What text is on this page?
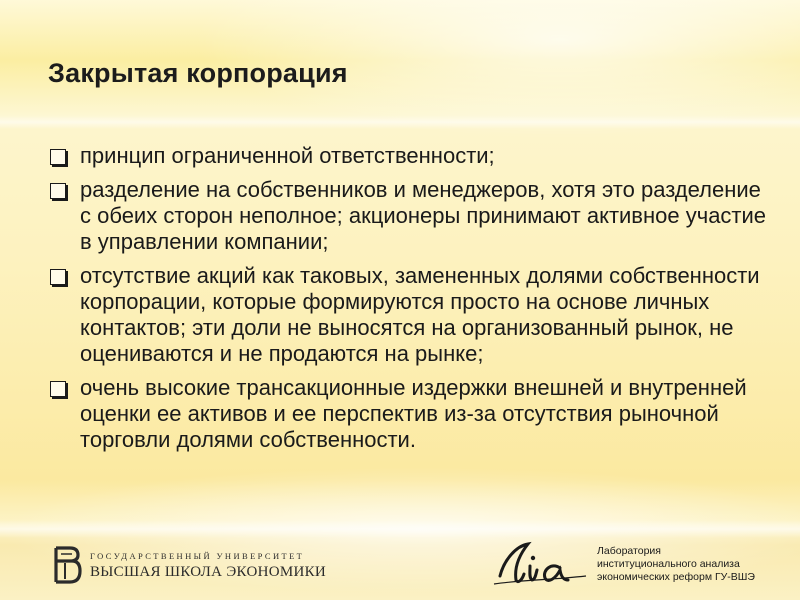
Закрытая корпорация
принцип ограниченной ответственности;
разделение на собственников и менеджеров, хотя это разделение с обеих сторон неполное; акционеры принимают активное участие в управлении компании;
отсутствие акций как таковых, замененных долями собственности корпорации, которые формируются просто на основе личных контактов; эти доли не выносятся на организованный рынок, не оцениваются и не продаются на рынке;
очень высокие трансакционные издержки внешней и внутренней оценки ее активов и ее перспектив из-за отсутствия рыночной торговли долями собственности.
ГОСУДАРСТВЕННЫЙ УНИВЕРСИТЕТ
ВЫСШАЯ ШКОЛА ЭКОНОМИКИ
Лаборатория
институционального анализа
экономических реформ ГУ-ВШЭ
